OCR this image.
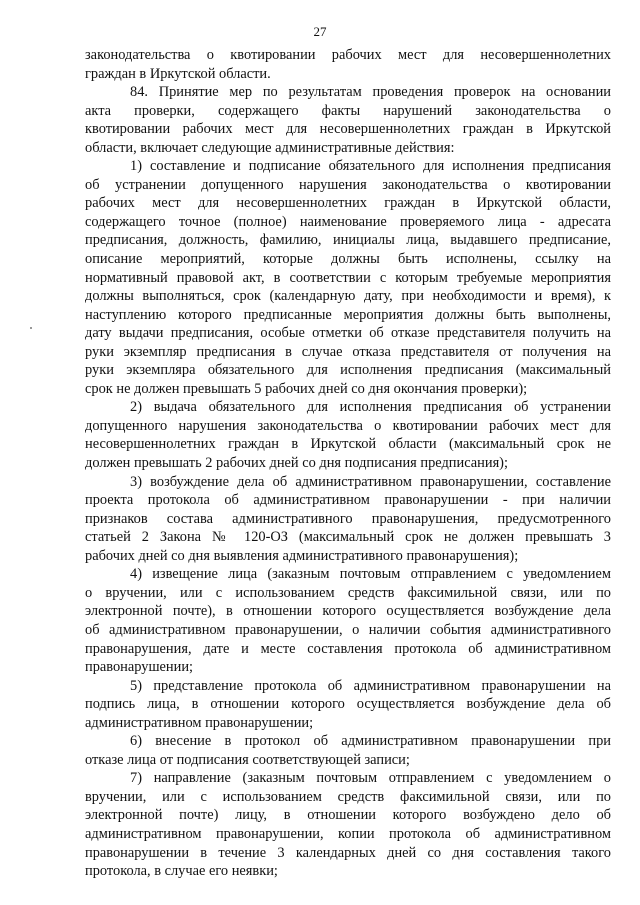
27
законодательства о квотировании рабочих мест для несовершеннолетних
граждан в Иркутской области.
84. Принятие мер по результатам проведения проверок на основании
акта проверки, содержащего факты нарушений законодательства о
квотировании рабочих мест для несовершеннолетних граждан в Иркутской
области, включает следующие административные действия:
1) составление и подписание обязательного для исполнения предписания
об устранении допущенного нарушения законодательства о квотировании
рабочих мест для несовершеннолетних граждан в Иркутской области,
содержащего точное (полное) наименование проверяемого лица - адресата
предписания, должность, фамилию, инициалы лица, выдавшего предписание,
описание мероприятий, которые должны быть исполнены, ссылку на
нормативный правовой акт, в соответствии с которым требуемые мероприятия
должны выполняться, срок (календарную дату, при необходимости и время), к
наступлению которого предписанные мероприятия должны быть выполнены,
дату выдачи предписания, особые отметки об отказе представителя получить на
руки экземпляр предписания в случае отказа представителя от получения на
руки экземпляра обязательного для исполнения предписания (максимальный
срок не должен превышать 5 рабочих дней со дня окончания проверки);
2) выдача обязательного для исполнения предписания об устранении
допущенного нарушения законодательства о квотировании рабочих мест для
несовершеннолетних граждан в Иркутской области (максимальный срок не
должен превышать 2 рабочих дней со дня подписания предписания);
3) возбуждение дела об административном правонарушении, составление
проекта протокола об административном правонарушении - при наличии
признаков состава административного правонарушения, предусмотренного
статьей 2 Закона № 120-ОЗ (максимальный срок не должен превышать 3
рабочих дней со дня выявления административного правонарушения);
4) извещение лица (заказным почтовым отправлением с уведомлением
о вручении, или с использованием средств факсимильной связи, или по
электронной почте), в отношении которого осуществляется возбуждение дела
об административном правонарушении, о наличии события административного
правонарушения, дате и месте составления протокола об административном
правонарушении;
5) представление протокола об административном правонарушении на
подпись лица, в отношении которого осуществляется возбуждение дела об
административном правонарушении;
6) внесение в протокол об административном правонарушении при
отказе лица от подписания соответствующей записи;
7) направление (заказным почтовым отправлением с уведомлением о
вручении, или с использованием средств факсимильной связи, или по
электронной почте) лицу, в отношении которого возбуждено дело об
административном правонарушении, копии протокола об административном
правонарушении в течение 3 календарных дней со дня составления такого
протокола, в случае его неявки;
